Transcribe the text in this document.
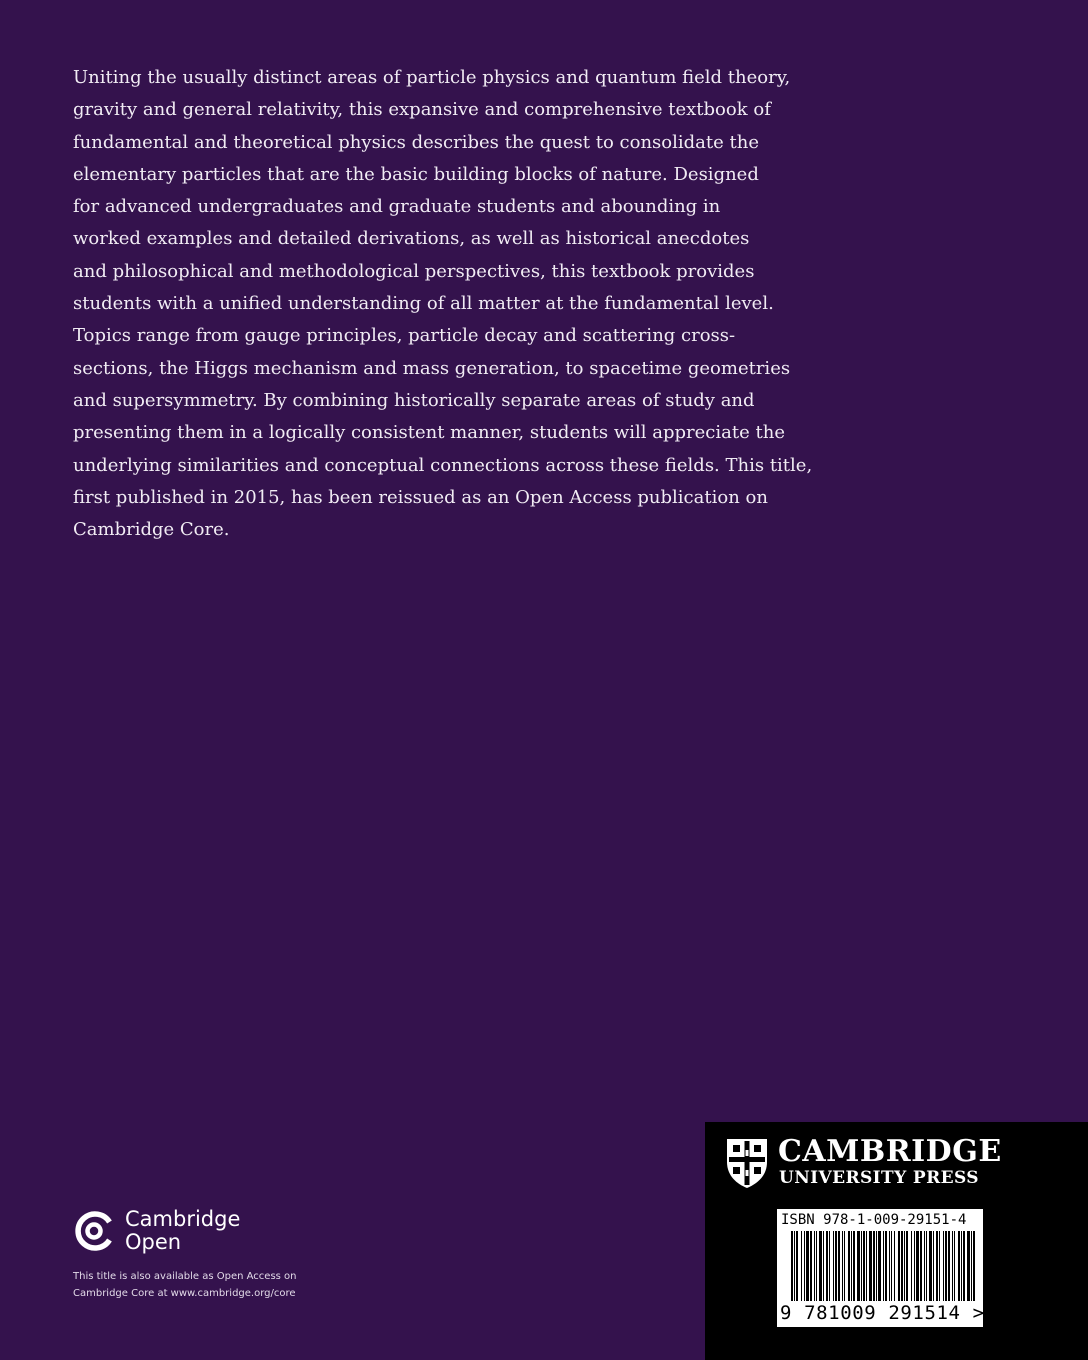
Uniting the usually distinct areas of particle physics and quantum field theory,
gravity and general relativity, this expansive and comprehensive textbook of
fundamental and theoretical physics describes the quest to consolidate the
elementary particles that are the basic building blocks of nature. Designed
for advanced undergraduates and graduate students and abounding in
worked examples and detailed derivations, as well as historical anecdotes
and philosophical and methodological perspectives, this textbook provides
students with a unified understanding of all matter at the fundamental level.
Topics range from gauge principles, particle decay and scattering cross-
sections, the Higgs mechanism and mass generation, to spacetime geometries
and supersymmetry. By combining historically separate areas of study and
presenting them in a logically consistent manner, students will appreciate the
underlying similarities and conceptual connections across these fields. This title,
first published in 2015, has been reissued as an Open Access publication on
Cambridge Core.
Cambridge
Open
This title is also available as Open Access on
Cambridge Core at www.cambridge.org/core
CAMBRIDGE
UNIVERSITY PRESS
ISBN 978-1-009-29151-4
9 781009 291514 >
